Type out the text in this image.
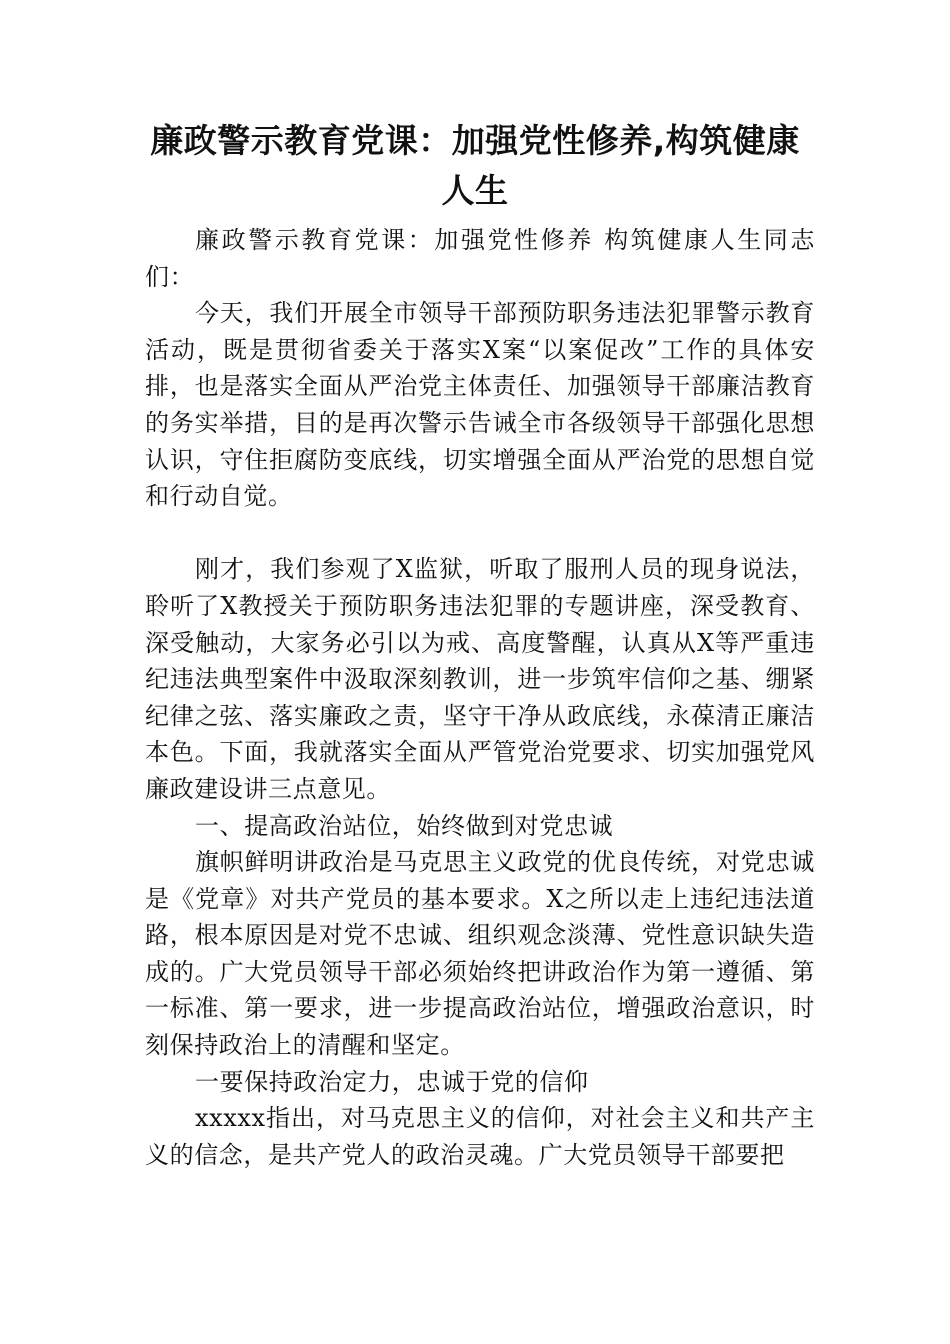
廉政警示教育党课：加强党性修养,构筑健康人生

廉政警示教育党课：加强党性修养 构筑健康人生同志们：

今天，我们开展全市领导干部预防职务违法犯罪警示教育活动，既是贯彻省委关于落实X案“以案促改”工作的具体安排，也是落实全面从严治党主体责任、加强领导干部廉洁教育的务实举措，目的是再次警示告诫全市各级领导干部强化思想认识，守住拒腐防变底线，切实增强全面从严治党的思想自觉和行动自觉。

刚才，我们参观了X监狱，听取了服刑人员的现身说法，聆听了X教授关于预防职务违法犯罪的专题讲座，深受教育、深受触动，大家务必引以为戒、高度警醒，认真从X等严重违纪违法典型案件中汲取深刻教训，进一步筑牢信仰之基、绷紧纪律之弦、落实廉政之责，坚守干净从政底线，永葆清正廉洁本色。下面，我就落实全面从严管党治党要求、切实加强党风廉政建设讲三点意见。

一、提高政治站位，始终做到对党忠诚

旗帜鲜明讲政治是马克思主义政党的优良传统，对党忠诚是《党章》对共产党员的基本要求。X之所以走上违纪违法道路，根本原因是对党不忠诚、组织观念淡薄、党性意识缺失造成的。广大党员领导干部必须始终把讲政治作为第一遵循、第一标准、第一要求，进一步提高政治站位，增强政治意识，时刻保持政治上的清醒和坚定。

一要保持政治定力，忠诚于党的信仰

xxxxx指出，对马克思主义的信仰，对社会主义和共产主义的信念，是共产党人的政治灵魂。广大党员领导干部要把
